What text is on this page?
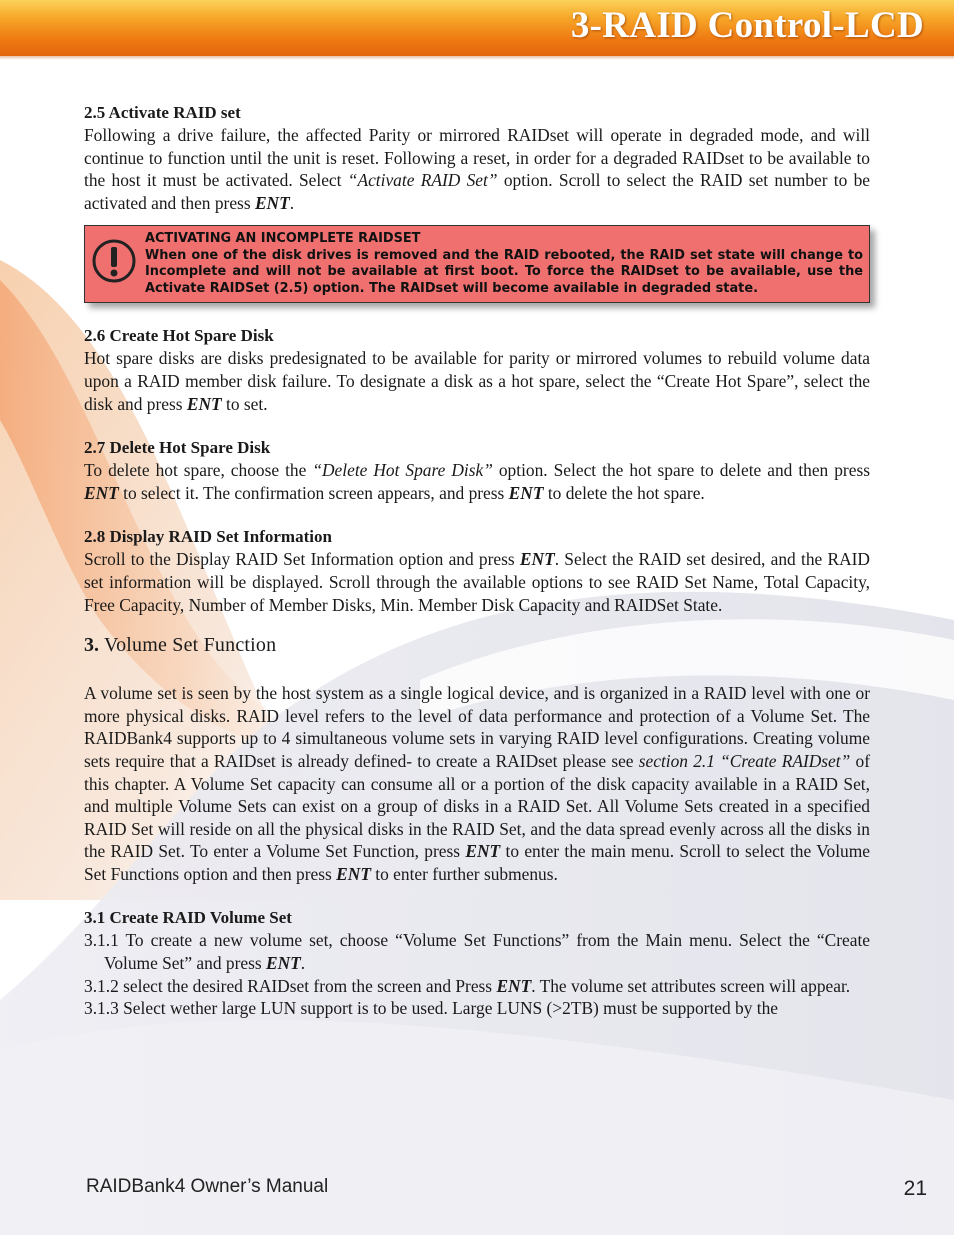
3-RAID Control-LCD
2.5 Activate RAID set

Following a drive failure, the affected Parity or mirrored RAIDset will operate in degraded mode, and will continue to function until the unit is reset. Following a reset, in order for a degraded RAIDset to be available to the host it must be activated. Select “Activate RAID Set” option. Scroll to select the RAID set number to be activated and then press ENT.

ACTIVATING AN INCOMPLETE RAIDSET
When one of the disk drives is removed and the RAID rebooted, the RAID set state will change to Incomplete and will not be available at first boot. To force the RAIDset to be available, use the Activate RAIDSet (2.5) option. The RAIDset will become available in degraded state.
2.6 Create Hot Spare Disk

Hot spare disks are disks predesignated to be available for parity or mirrored volumes to rebuild volume data upon a RAID member disk failure. To designate a disk as a hot spare, select the “Create Hot Spare”, select the disk and press ENT to set.

2.7 Delete Hot Spare Disk

To delete hot spare, choose the “Delete Hot Spare Disk” option. Select the hot spare to delete and then press ENT to select it. The confirmation screen appears, and press ENT to delete the hot spare.

2.8 Display RAID Set Information

Scroll to the Display RAID Set Information option and press ENT. Select the RAID set desired, and the RAID set information will be displayed. Scroll through the available options to see RAID Set Name, Total Capacity, Free Capacity, Number of Member Disks, Min. Member Disk Capacity and RAIDSet State.

3. Volume Set Function

A volume set is seen by the host system as a single logical device, and is organized in a RAID level with one or more physical disks. RAID level refers to the level of data performance and protection of a Volume Set. The RAIDBank4 supports up to 4 simultaneous volume sets in varying RAID level configurations. Creating volume sets require that a RAIDset is already defined- to create a RAIDset please see section 2.1 “Create RAIDset” of this chapter. A Volume Set capacity can consume all or a portion of the disk capacity available in a RAID Set, and multiple Volume Sets can exist on a group of disks in a RAID Set. All Volume Sets created in a specified RAID Set will reside on all the physical disks in the RAID Set, and the data spread evenly across all the disks in the RAID Set. To enter a Volume Set Function, press ENT to enter the main menu. Scroll to select the Volume Set Functions option and then press ENT to enter further submenus.

3.1 Create RAID Volume Set

3.1.1 To create a new volume set, choose “Volume Set Functions” from the Main menu. Select the “Create Volume Set” and press ENT.

3.1.2 select the desired RAIDset from the screen and Press ENT. The volume set attributes screen will appear.

3.1.3 Select wether large LUN support is to be used. Large LUNS (>2TB) must be supported by the

RAIDBank4 Owner’s Manual	21
